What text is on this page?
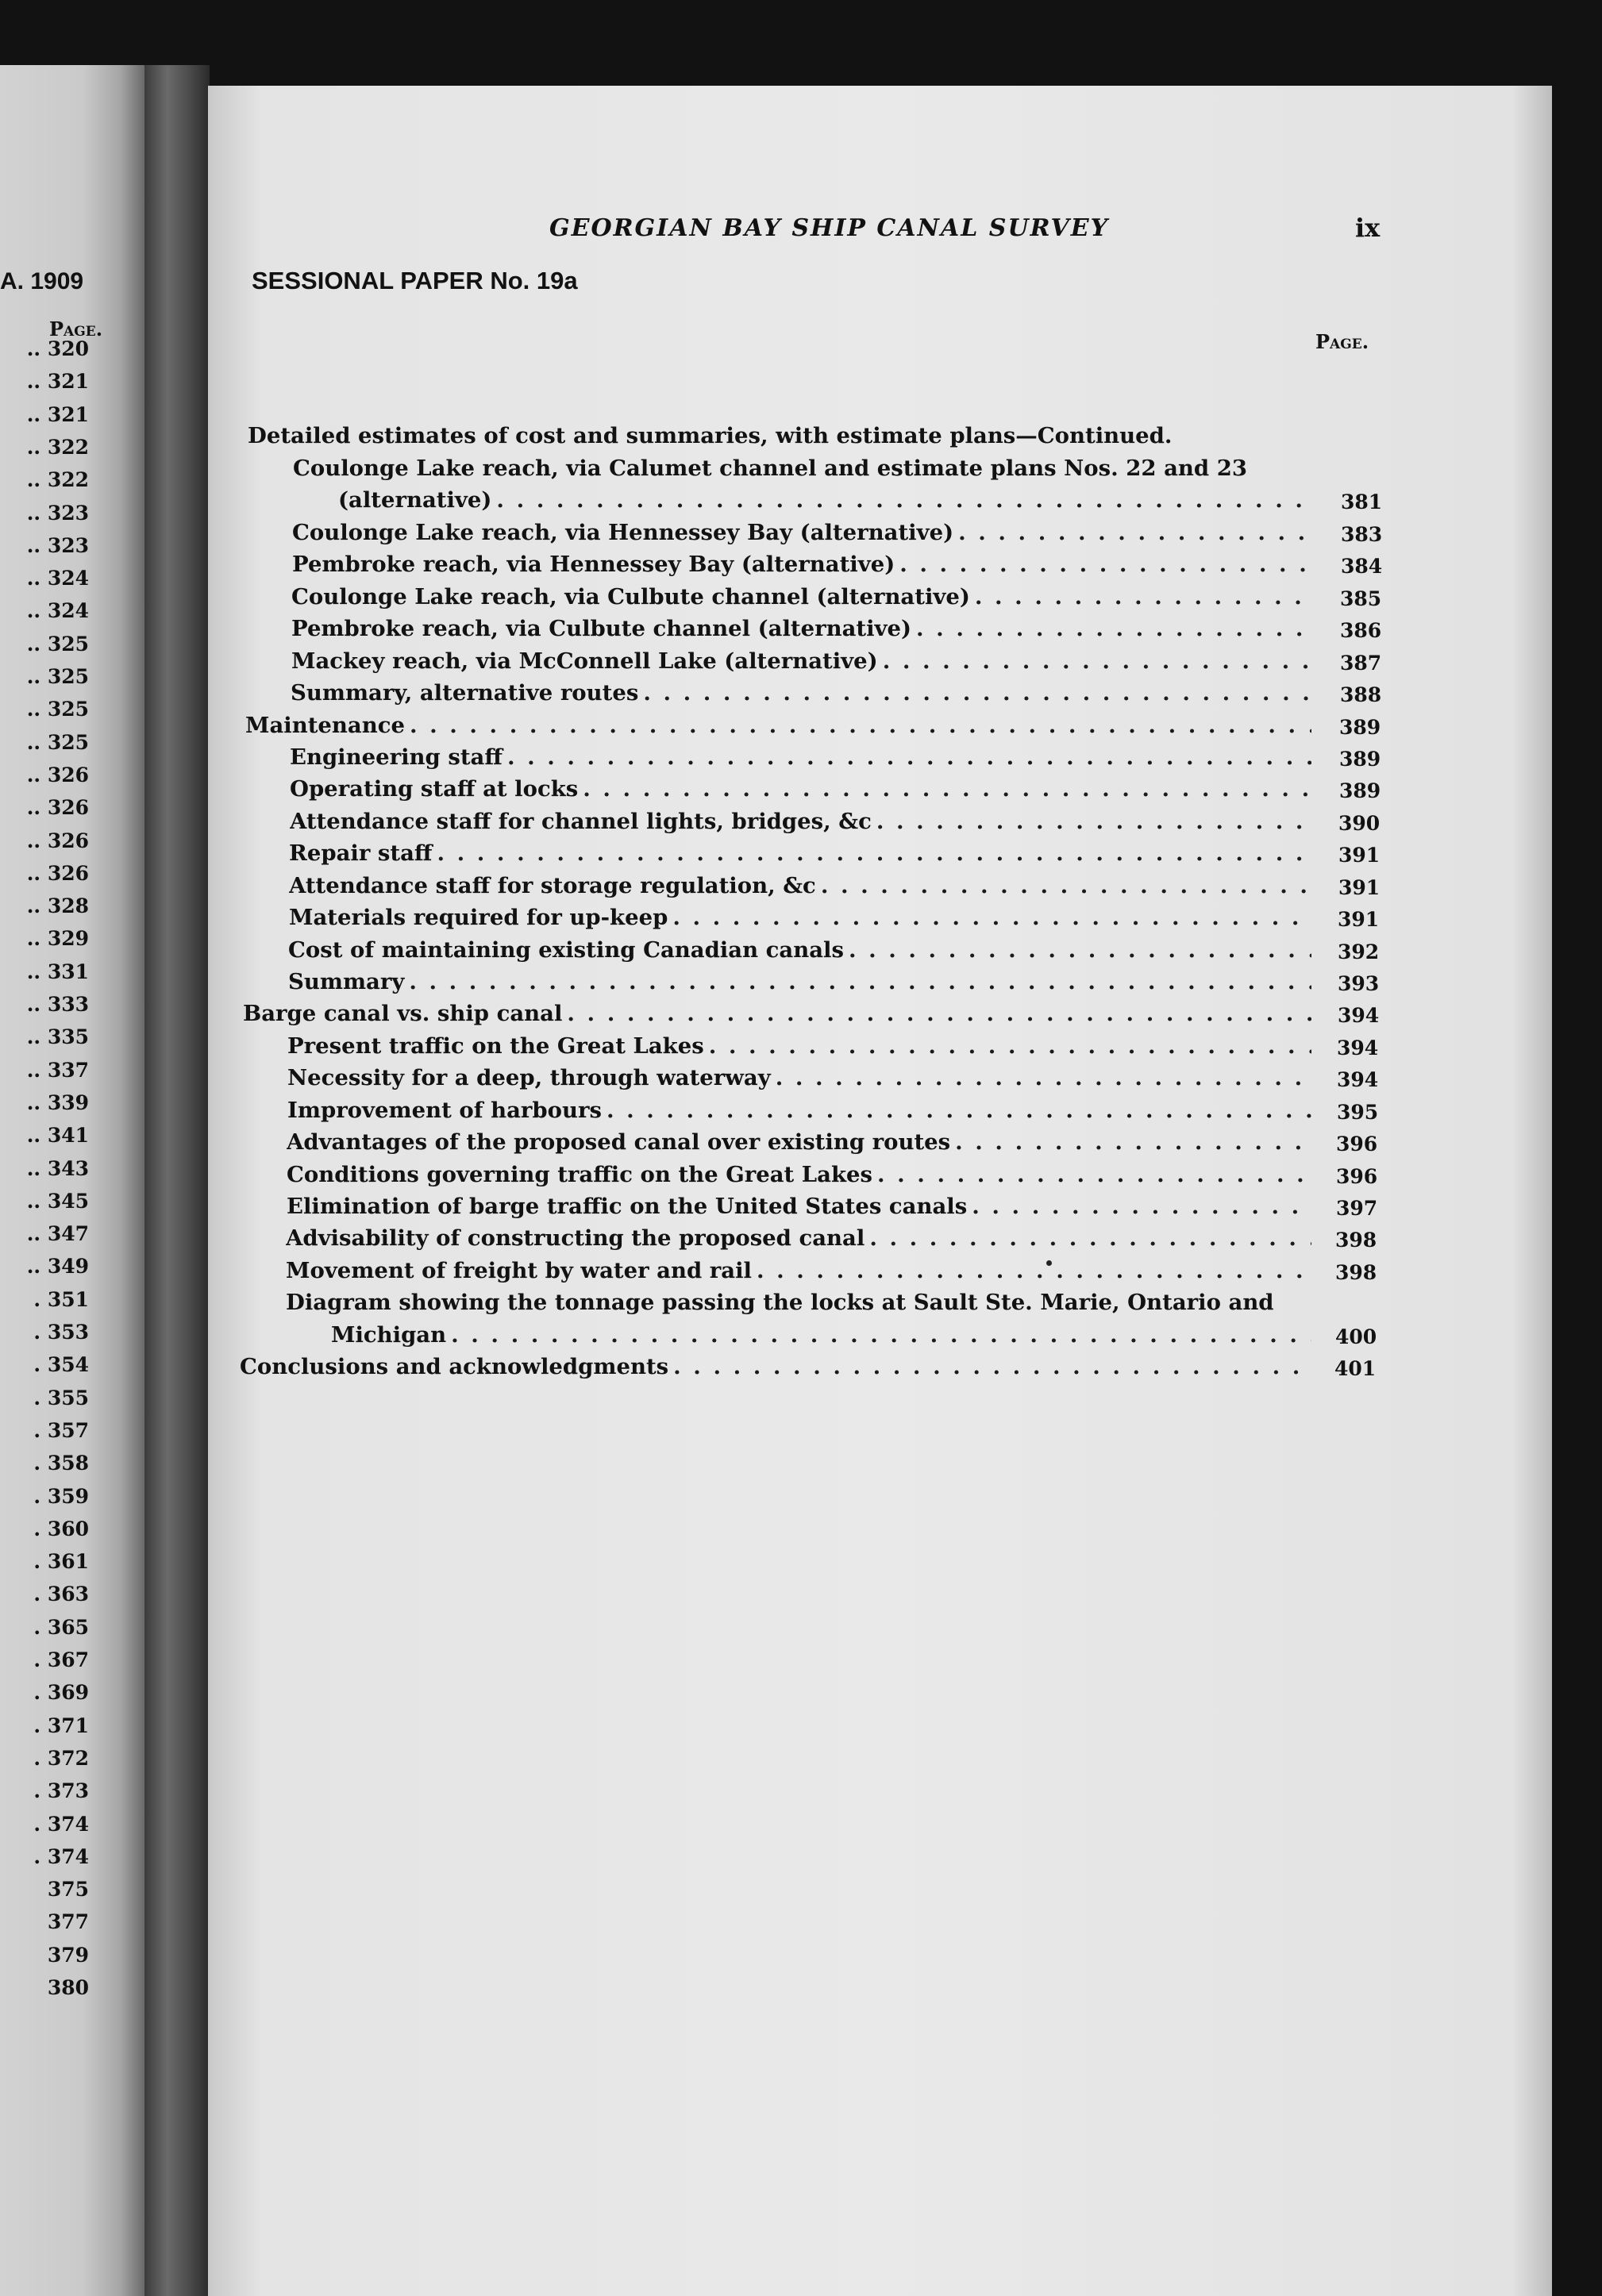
A. 1909
Page.
.. 320
.. 321
.. 321
.. 322
.. 322
.. 323
.. 323
.. 324
.. 324
.. 325
.. 325
.. 325
.. 325
.. 326
.. 326
.. 326
.. 326
.. 328
.. 329
.. 331
.. 333
.. 335
.. 337
.. 339
.. 341
.. 343
.. 345
.. 347
.. 349
. 351
. 353
. 354
. 355
. 357
. 358
. 359
. 360
. 361
. 363
. 365
. 367
. 369
. 371
. 372
. 373
. 374
. 374
375
377
379
380
GEORGIAN BAY SHIP CANAL SURVEY	ix
SESSIONAL PAPER No. 19a
Page.
Detailed estimates of cost and summaries, with estimate plans—Continued.
Coulonge Lake reach, via Calumet channel and estimate plans Nos. 22 and 23
(alternative) . . .	381
Coulonge Lake reach, via Hennessey Bay (alternative) . . .	383
Pembroke reach, via Hennessey Bay (alternative) . . .	384
Coulonge Lake reach, via Culbute channel (alternative) . . .	385
Pembroke reach, via Culbute channel (alternative) . . .	386
Mackey reach, via McConnell Lake (alternative) . . .	387
Summary, alternative routes . . .	388
Maintenance . . .	389
Engineering staff . . .	389
Operating staff at locks . . .	389
Attendance staff for channel lights, bridges, &c . . .	390
Repair staff . . .	391
Attendance staff for storage regulation, &c . . .	391
Materials required for up-keep . . .	391
Cost of maintaining existing Canadian canals . . .	392
Summary . . .	393
Barge canal vs. ship canal . . .	394
Present traffic on the Great Lakes . . .	394
Necessity for a deep, through waterway . . .	394
Improvement of harbours . . .	395
Advantages of the proposed canal over existing routes . . .	396
Conditions governing traffic on the Great Lakes . . .	396
Elimination of barge traffic on the United States canals . . .	397
Advisability of constructing the proposed canal . . .	398
Movement of freight by water and rail . . .	398
Diagram showing the tonnage passing the locks at Sault Ste. Marie, Ontario and
Michigan . . .	400
Conclusions and acknowledgments . . .	401
